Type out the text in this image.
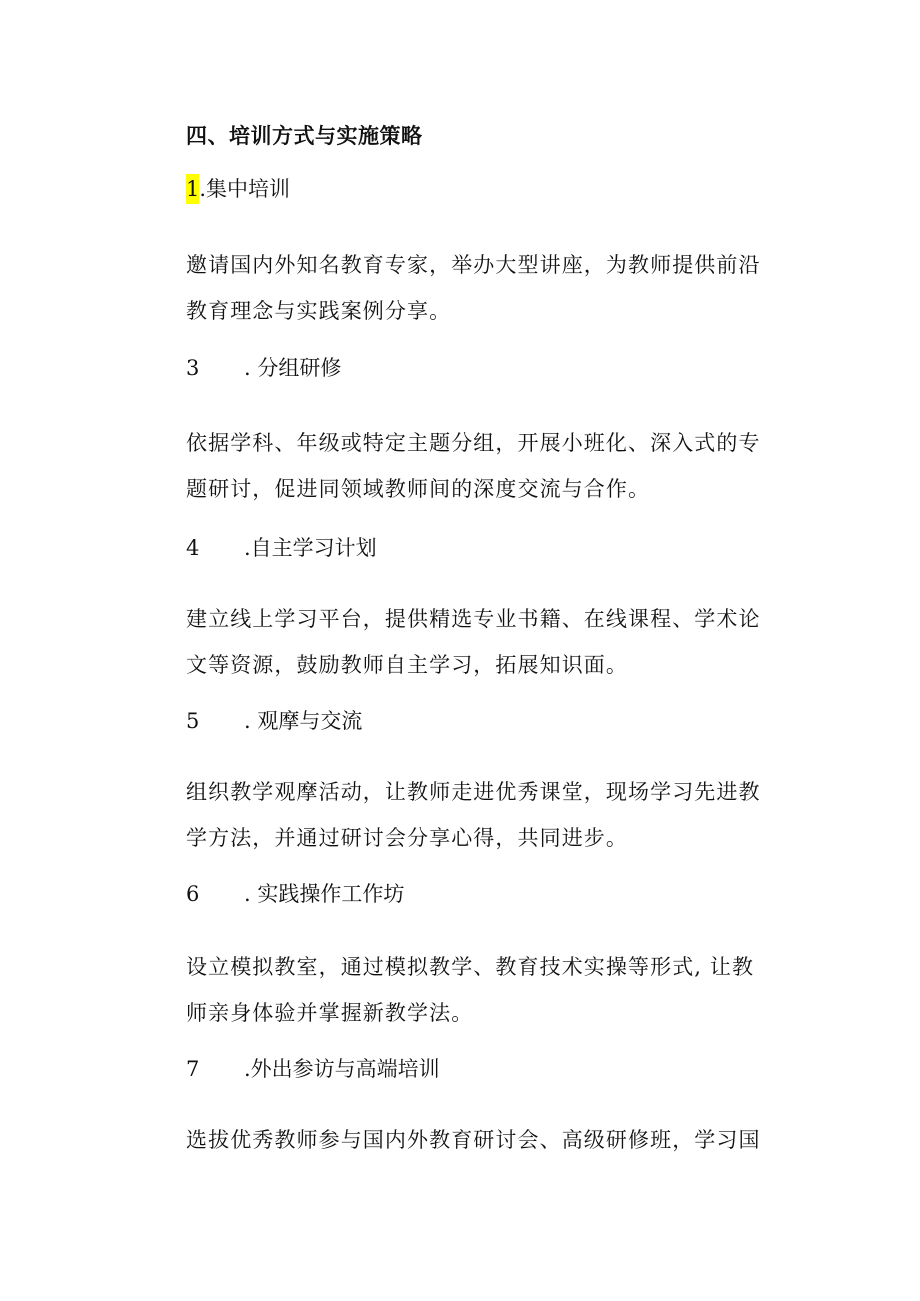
四、培训方式与实施策略
1.集中培训
邀请国内外知名教育专家，举办大型讲座，为教师提供前沿
教育理念与实践案例分享。
3 . 分组研修
依据学科、年级或特定主题分组，开展小班化、深入式的专
题研讨，促进同领域教师间的深度交流与合作。
4 .自主学习计划
建立线上学习平台，提供精选专业书籍、在线课程、学术论
文等资源，鼓励教师自主学习，拓展知识面。
5 . 观摩与交流
组织教学观摩活动，让教师走进优秀课堂，现场学习先进教
学方法，并通过研讨会分享心得，共同进步。
6 . 实践操作工作坊
设立模拟教室，通过模拟教学、教育技术实操等形式, 让教
师亲身体验并掌握新教学法。
7 .外出参访与高端培训
选拔优秀教师参与国内外教育研讨会、高级研修班，学习国
